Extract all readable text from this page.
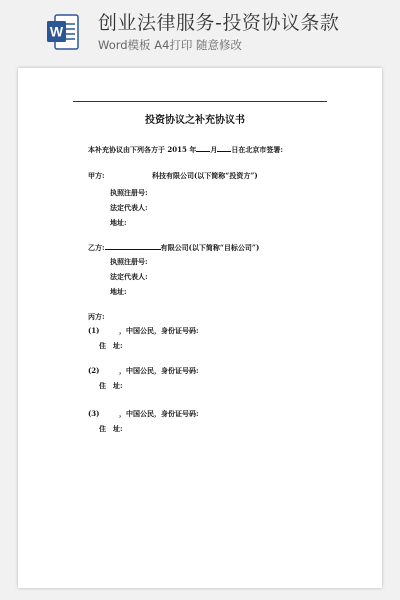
W 创业法律服务-投资协议条款
Word模板 A4打印 随意修改
投资协议之补充协议书
本补充协议由下列各方于 2015 年 月 日在北京市签署:
甲方:	科技有限公司(以下简称“投资方”)
执照注册号:
法定代表人:
地址:
乙方:	有限公司(以下简称“目标公司”)
执照注册号:
法定代表人:
地址:
丙方:
(1)	，中国公民，身份证号码:
住　址:
(2)	，中国公民，身份证号码:
住　址:
(3)	，中国公民，身份证号码:
住　址:
